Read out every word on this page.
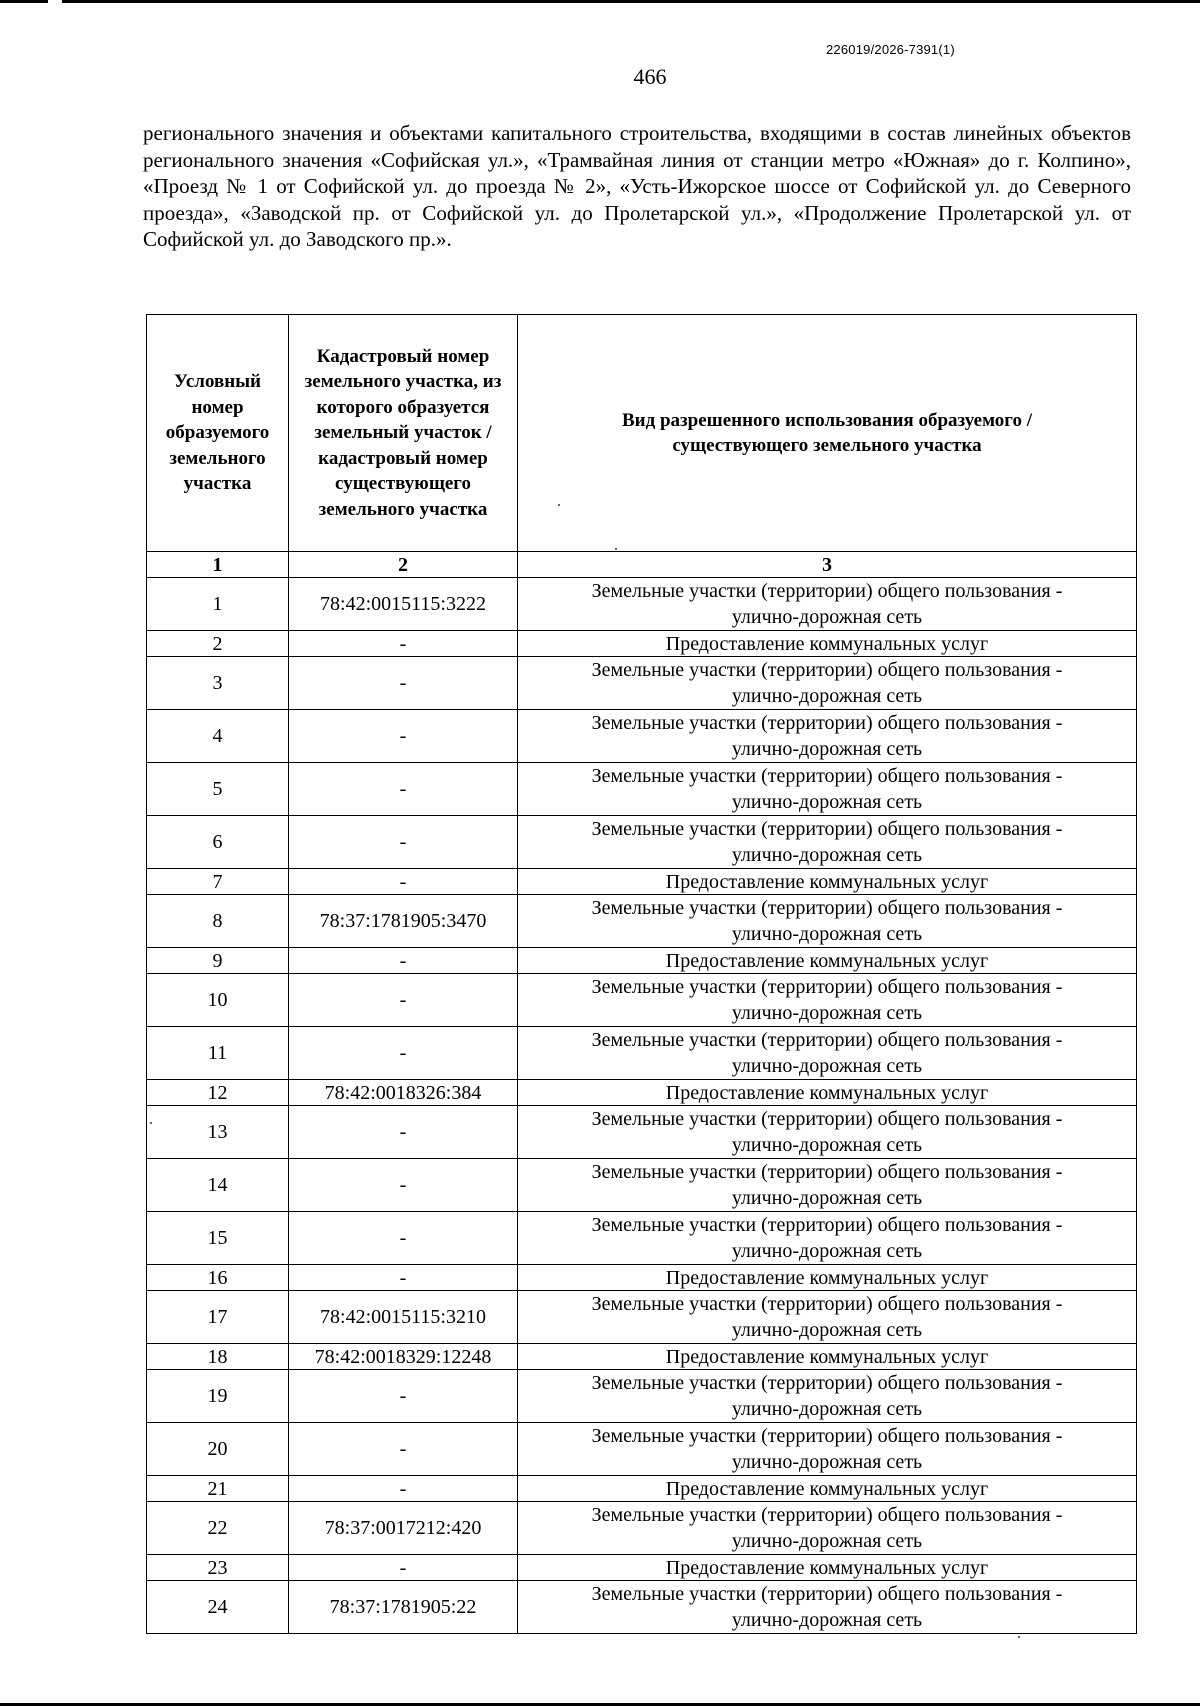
226019/2026-7391(1)
466

регионального значения и объектами капитального строительства, входящими в состав линейных объектов регионального значения «Софийская ул.», «Трамвайная линия от станции метро «Южная» до г. Колпино», «Проезд № 1 от Софийской ул. до проезда № 2», «Усть-Ижорское шоссе от Софийской ул. до Северного проезда», «Заводской пр. от Софийской ул. до Пролетарской ул.», «Продолжение Пролетарской ул. от Софийской ул. до Заводского пр.».

Условный номер образуемого земельного участка	Кадастровый номер земельного участка, из которого образуется земельный участок / кадастровый номер существующего земельного участка	Вид разрешенного использования образуемого / существующего земельного участка
1	2	3
1	78:42:0015115:3222	Земельные участки (территории) общего пользования - улично-дорожная сеть
2	-	Предоставление коммунальных услуг
3	-	Земельные участки (территории) общего пользования - улично-дорожная сеть
4	-	Земельные участки (территории) общего пользования - улично-дорожная сеть
5	-	Земельные участки (территории) общего пользования - улично-дорожная сеть
6	-	Земельные участки (территории) общего пользования - улично-дорожная сеть
7	-	Предоставление коммунальных услуг
8	78:37:1781905:3470	Земельные участки (территории) общего пользования - улично-дорожная сеть
9	-	Предоставление коммунальных услуг
10	-	Земельные участки (территории) общего пользования - улично-дорожная сеть
11	-	Земельные участки (территории) общего пользования - улично-дорожная сеть
12	78:42:0018326:384	Предоставление коммунальных услуг
13	-	Земельные участки (территории) общего пользования - улично-дорожная сеть
14	-	Земельные участки (территории) общего пользования - улично-дорожная сеть
15	-	Земельные участки (территории) общего пользования - улично-дорожная сеть
16	-	Предоставление коммунальных услуг
17	78:42:0015115:3210	Земельные участки (территории) общего пользования - улично-дорожная сеть
18	78:42:0018329:12248	Предоставление коммунальных услуг
19	-	Земельные участки (территории) общего пользования - улично-дорожная сеть
20	-	Земельные участки (территории) общего пользования - улично-дорожная сеть
21	-	Предоставление коммунальных услуг
22	78:37:0017212:420	Земельные участки (территории) общего пользования - улично-дорожная сеть
23	-	Предоставление коммунальных услуг
24	78:37:1781905:22	Земельные участки (территории) общего пользования - улично-дорожная сеть
